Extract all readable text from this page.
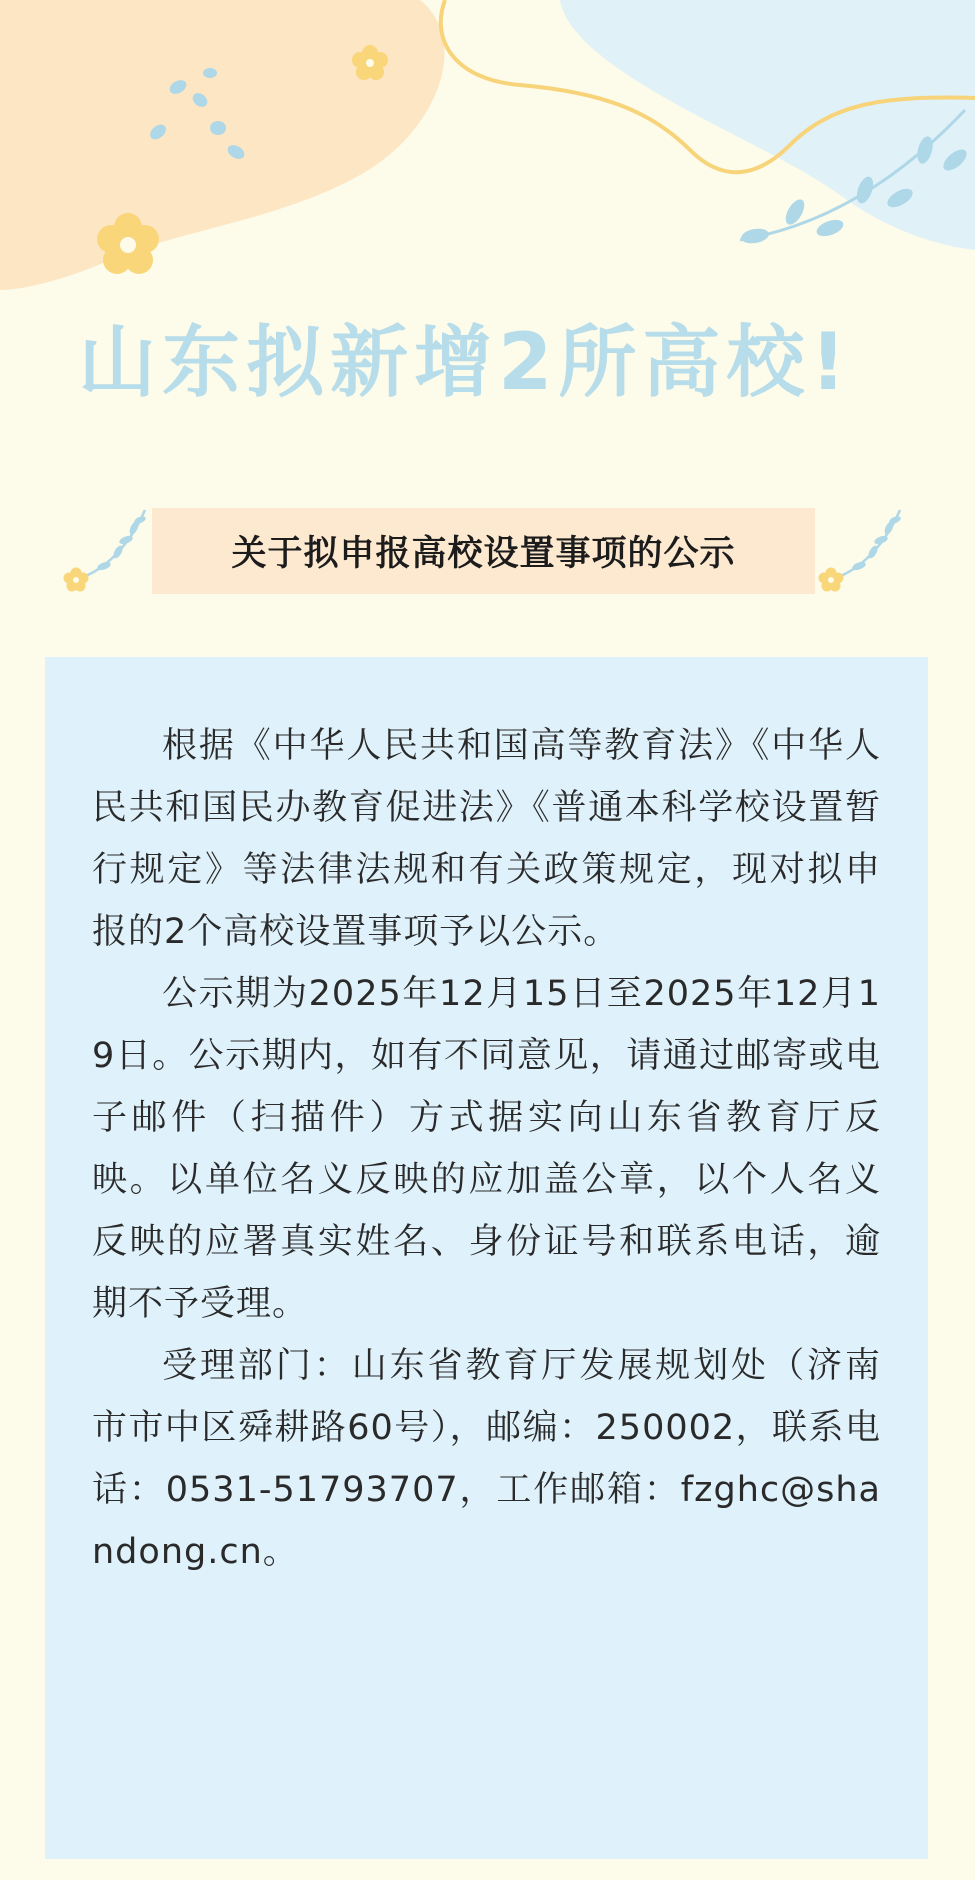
山东拟新增2所高校!
关于拟申报高校设置事项的公示

根据《中华人民共和国高等教育法》《中华人民共和国民办教育促进法》《普通本科学校设置暂行规定》等法律法规和有关政策规定，现对拟申报的2个高校设置事项予以公示。

公示期为2025年12月15日至2025年12月19日。公示期内，如有不同意见，请通过邮寄或电子邮件（扫描件）方式据实向山东省教育厅反映。以单位名义反映的应加盖公章，以个人名义反映的应署真实姓名、身份证号和联系电话，逾期不予受理。

受理部门：山东省教育厅发展规划处（济南市市中区舜耕路60号），邮编：250002，联系电话：0531-51793707，工作邮箱：fzghc@shandong.cn。
